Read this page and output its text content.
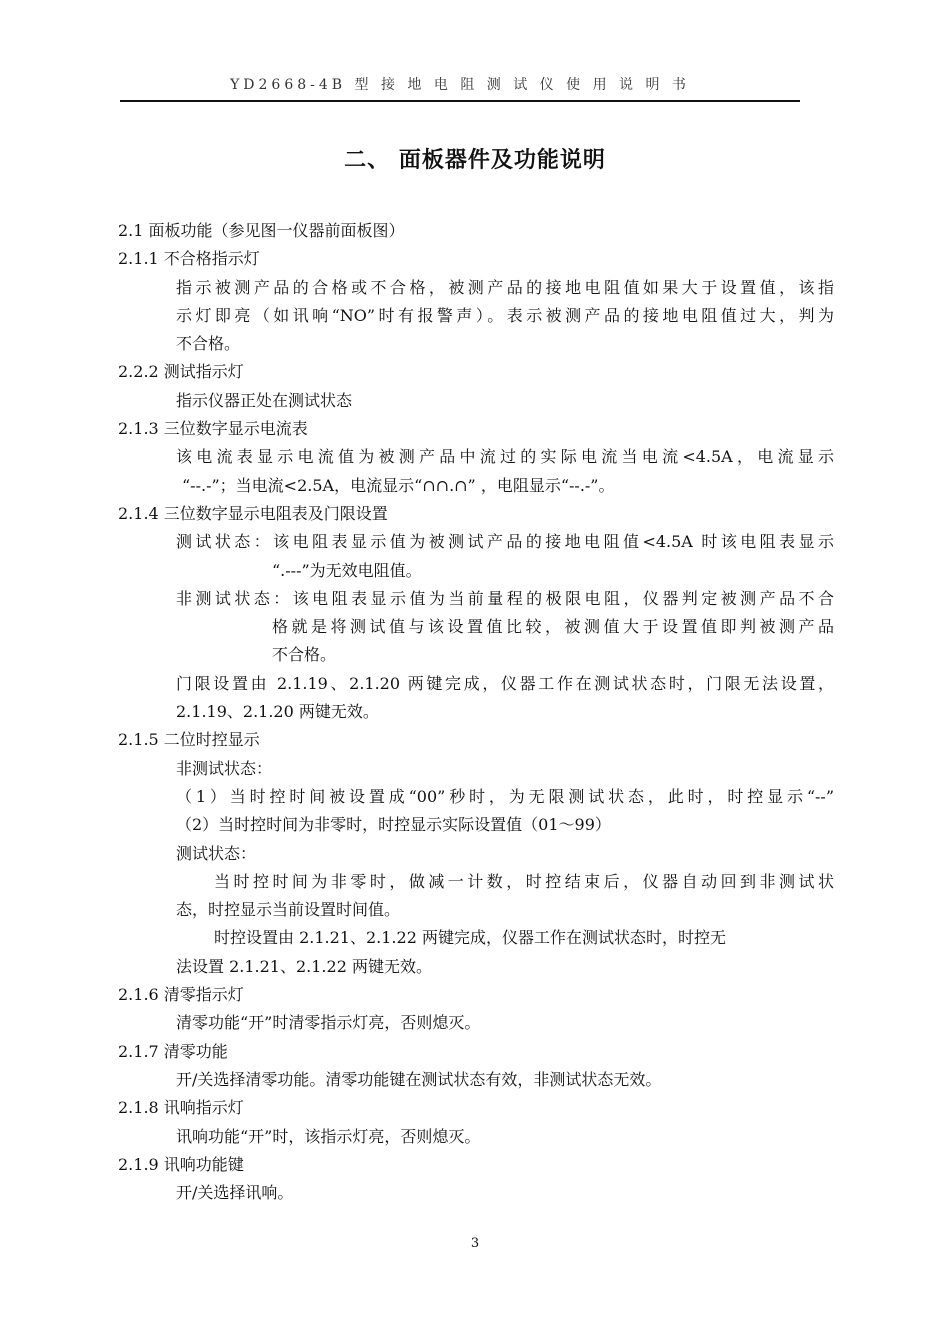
YD2668-4B 型 接 地 电 阻 测 试 仪 使 用 说 明 书
二、 面板器件及功能说明
2.1 面板功能（参见图一仪器前面板图）
2.1.1 不合格指示灯
指示被测产品的合格或不合格，被测产品的接地电阻值如果大于设置值，该指
示灯即亮（如讯响“NO”时有报警声）。表示被测产品的接地电阻值过大，判为
不合格。
2.2.2 测试指示灯
指示仪器正处在测试状态
2.1.3 三位数字显示电流表
该电流表显示电流值为被测产品中流过的实际电流当电流<4.5A，电流显示
“--.-”；当电流<2.5A，电流显示“∩∩.∩” ，电阻显示“--.-”。
2.1.4 三位数字显示电阻表及门限设置
测试状态：该电阻表显示值为被测试产品的接地电阻值<4.5A 时该电阻表显示
“.---”为无效电阻值。
非测试状态：该电阻表显示值为当前量程的极限电阻，仪器判定被测产品不合
格就是将测试值与该设置值比较，被测值大于设置值即判被测产品
不合格。
门限设置由 2.1.19、2.1.20 两键完成，仪器工作在测试状态时，门限无法设置，
2.1.19、2.1.20 两键无效。
2.1.5 二位时控显示
非测试状态：
（1）当时控时间被设置成“00”秒时，为无限测试状态，此时，时控显示“--”
（2）当时控时间为非零时，时控显示实际设置值（01～99）
测试状态：
当时控时间为非零时，做减一计数，时控结束后，仪器自动回到非测试状
态，时控显示当前设置时间值。
时控设置由 2.1.21、2.1.22 两键完成，仪器工作在测试状态时，时控无
法设置 2.1.21、2.1.22 两键无效。
2.1.6 清零指示灯
清零功能“开”时清零指示灯亮，否则熄灭。
2.1.7 清零功能
开/关选择清零功能。清零功能键在测试状态有效，非测试状态无效。
2.1.8 讯响指示灯
讯响功能“开”时，该指示灯亮，否则熄灭。
2.1.9 讯响功能键
开/关选择讯响。
3
